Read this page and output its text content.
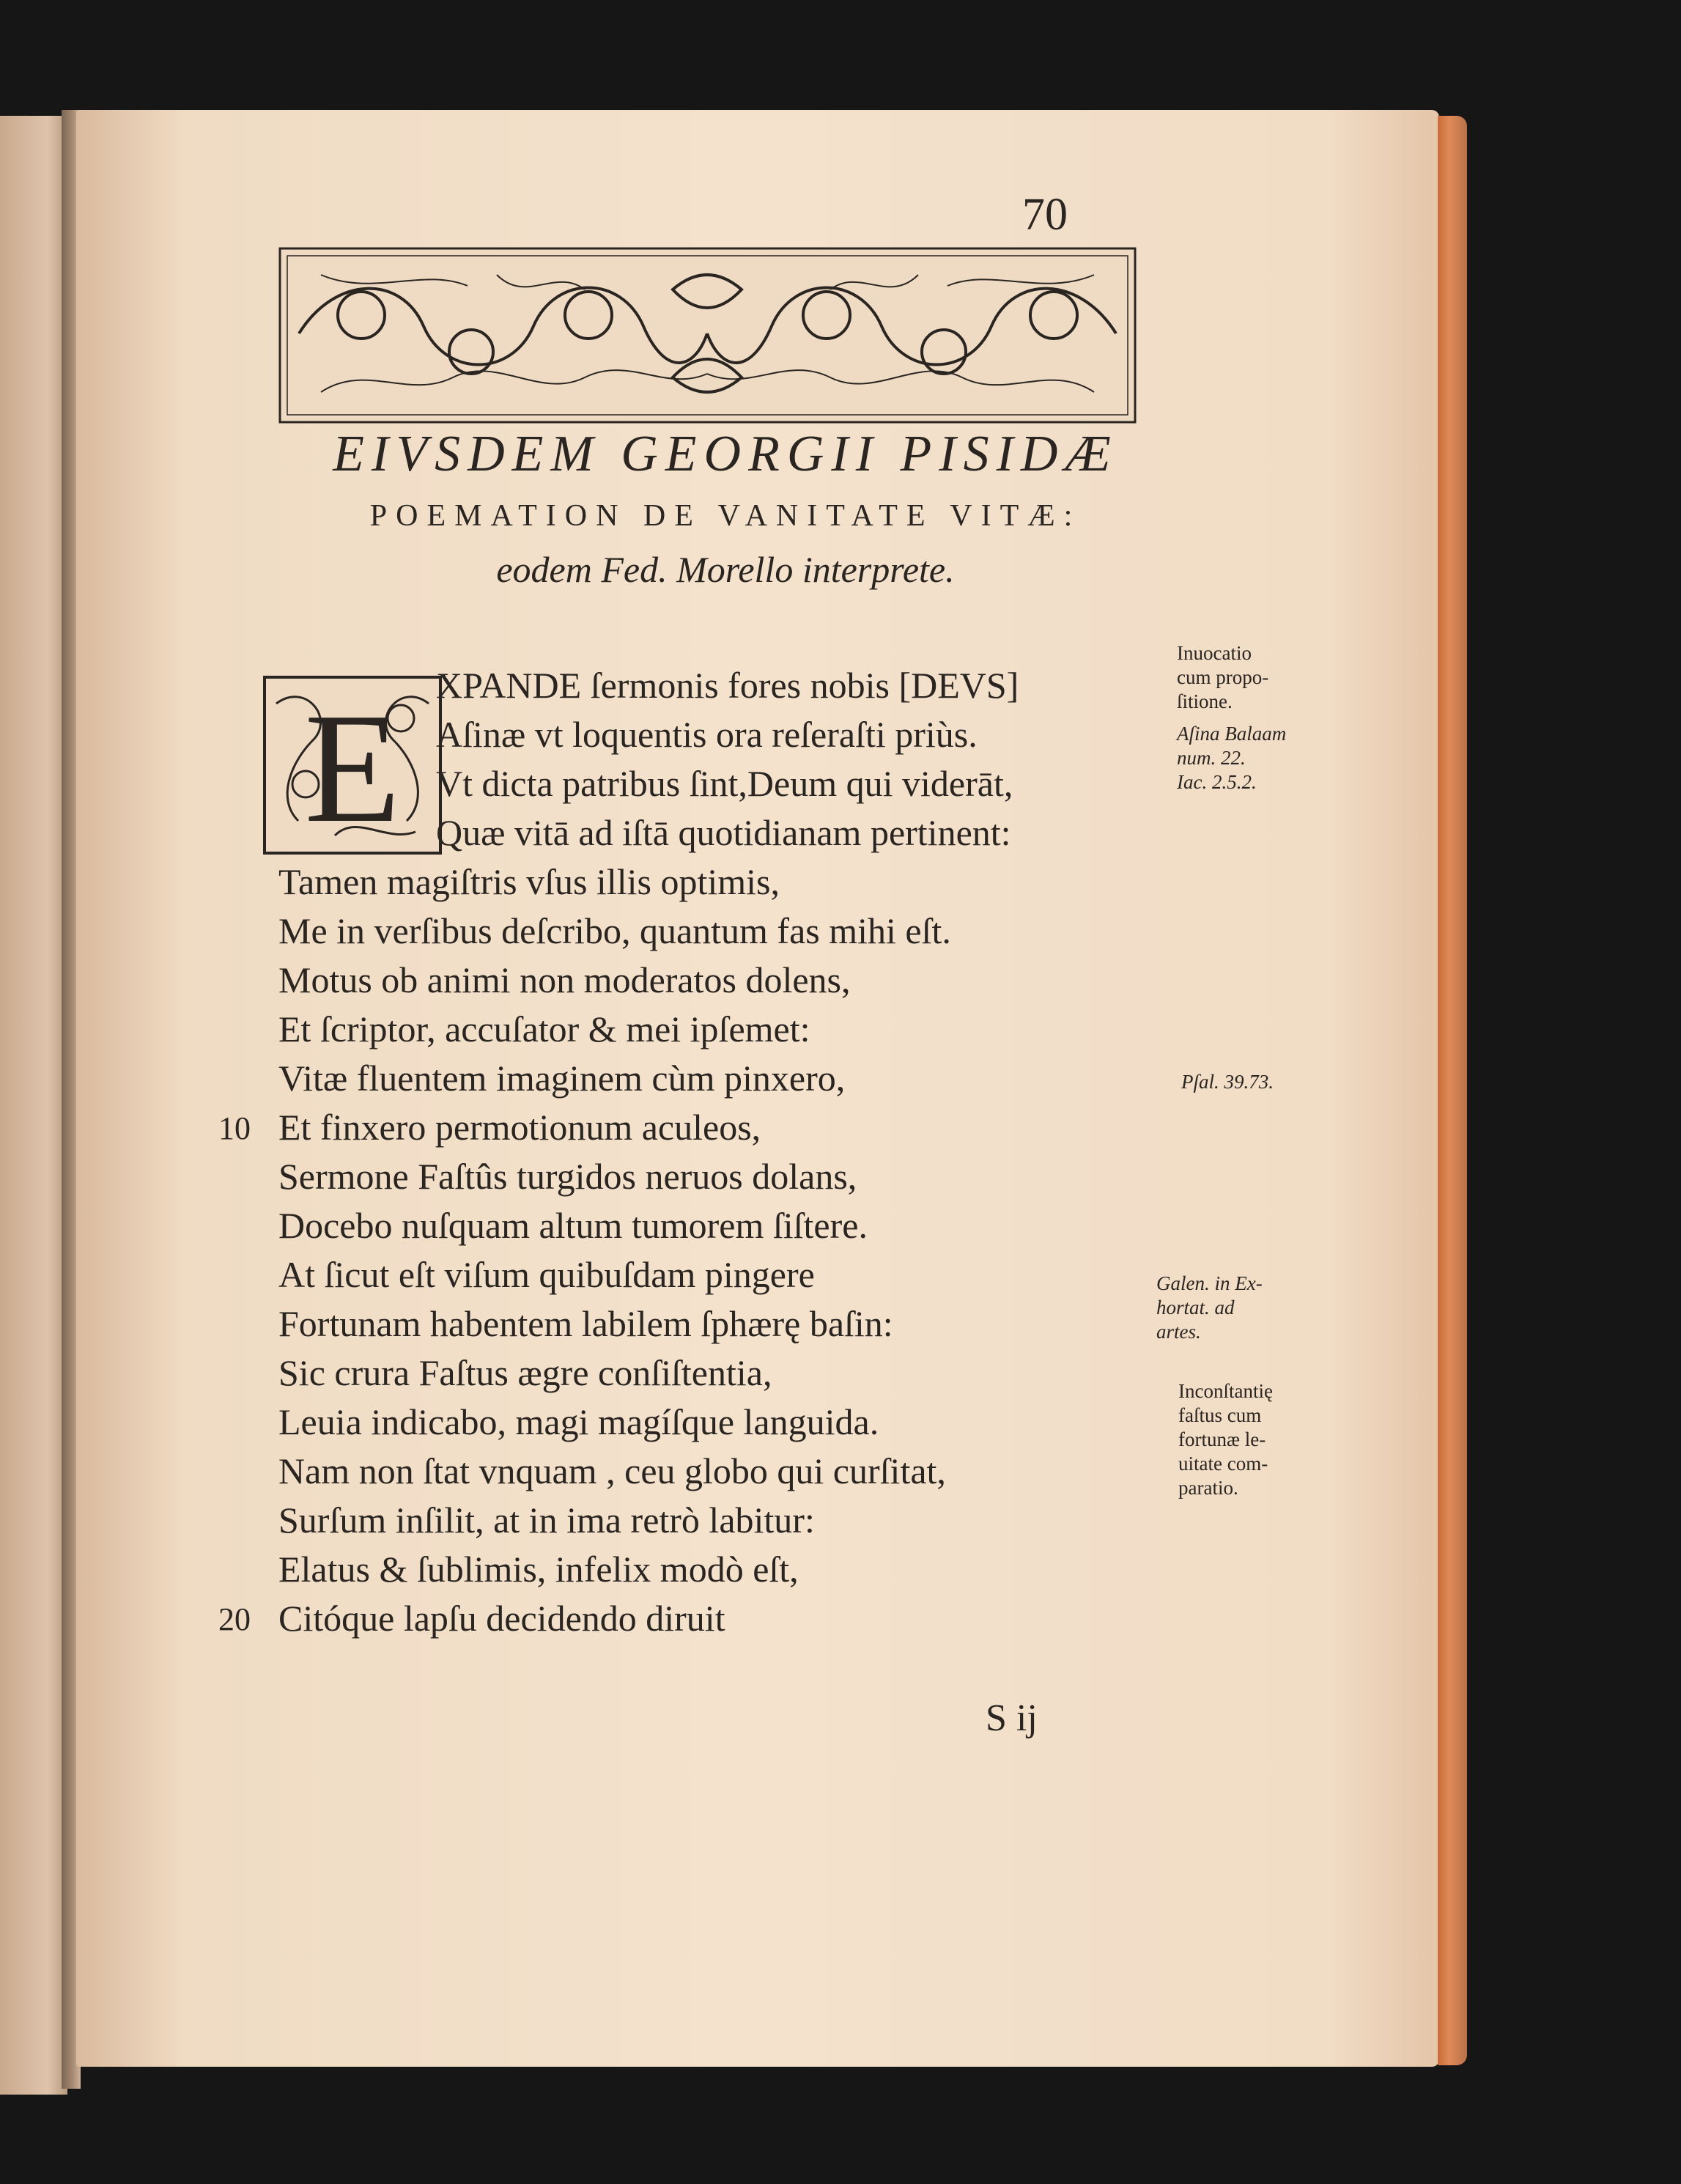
70
EIVSDEM GEORGII PISIDÆ
POEMATION DE VANITATE VITÆ:
eodem Fed. Morello interprete.
E XPANDE ſermonis fores nobis [DEVS]
Aſinæ vt loquentis ora reſeraſti priùs.
Vt dicta patribus ſint,Deum qui viderāt,
Quæ vitā ad iſtā quotidianam pertinent:
Tamen magiſtris vſus illis optimis,
Me in verſibus deſcribo, quantum fas mihi eſt.
Motus ob animi non moderatos dolens,
Et ſcriptor, accuſator & mei ipſemet:
Vitæ fluentem imaginem cùm pinxero,
Et finxero permotionum aculeos,
Sermone Faſtûs turgidos neruos dolans,
Docebo nuſquam altum tumorem ſiſtere.
At ſicut eſt viſum quibuſdam pingere
Fortunam habentem labilem ſphærę baſin:
Sic crura Faſtus ægre conſiſtentia,
Leuia indicabo, magi magíſque languida.
Nam non ſtat vnquam , ceu globo qui curſitat,
Surſum inſilit, at in ima retrò labitur:
Elatus & ſublimis, infelix modò eſt,
Citóque lapſu decidendo diruit
10
20
Inuocatio
cum propo-
ſitione.
Aſina Balaam
num. 22.
Iac. 2.5.2.
Pſal. 39.73.
Galen. in Ex-
hortat. ad
artes.
Inconſtantię
faſtus cum
fortunæ le-
uitate com-
paratio.
S ij
